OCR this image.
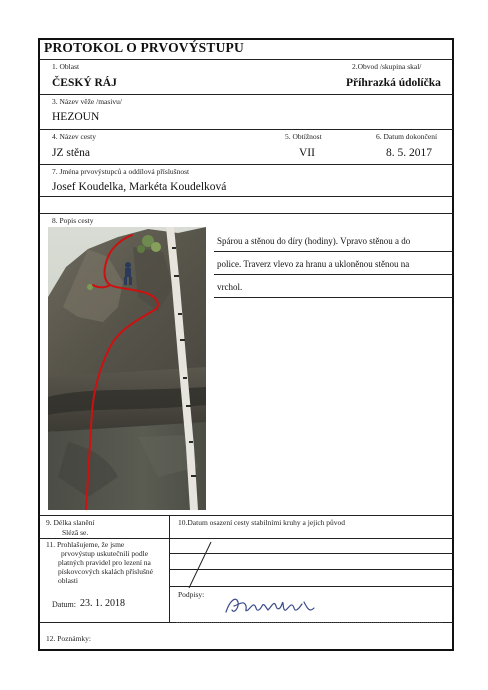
PROTOKOL O PRVOVÝSTUPU
1. Oblast
ČESKÝ RÁJ
2.Obvod /skupina skal/
Příhrazká údolíčka
3. Název věže /masivu/
HEZOUN
4. Název cesty
JZ stěna
5. Obtížnost
VII
6. Datum dokončení
8. 5. 2017
7. Jména prvovýstupců a oddílová příslušnost
Josef Koudelka, Markéta Koudelková
8. Popis cesty
Spárou a stěnou do díry (hodiny). Vpravo stěnou a do
police. Traverz vlevo za hranu a ukloněnou stěnou na
vrchol.
9. Délka slanění
Sléză se.
10.Datum osazení cesty stabilními kruhy a jejich původ
11. Prohlašujeme, že jsme
prvovýstup uskutečnili podle
platných pravidel pro lezení na
pískovcových skalách příslušné
oblasti
Datum: 23. 1. 2018
Podpisy:
12. Poznámky:
